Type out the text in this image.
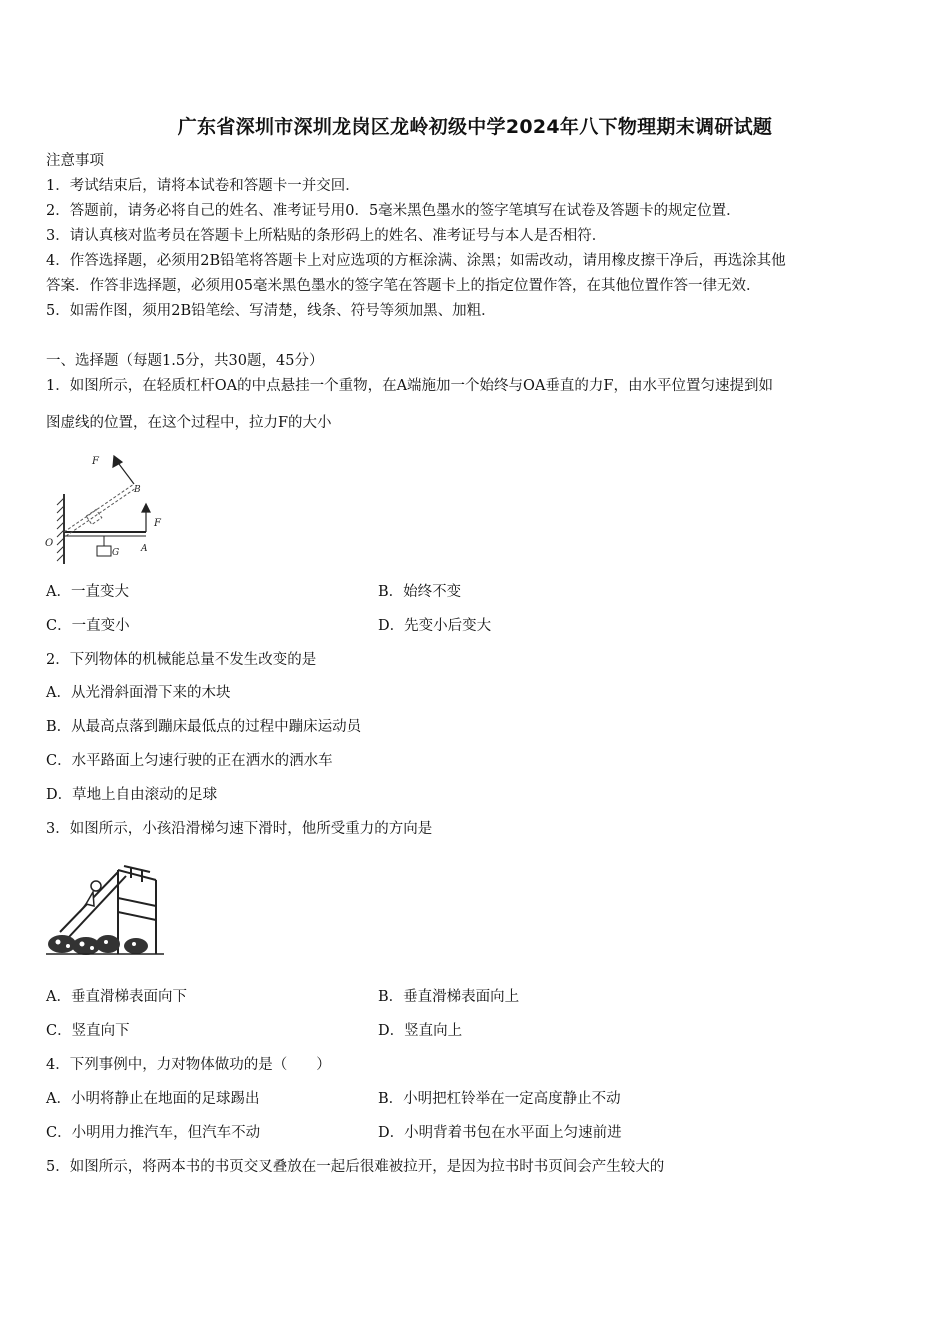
广东省深圳市深圳龙岗区龙岭初级中学2024年八下物理期末调研试题
注意事项
1．考试结束后，请将本试卷和答题卡一并交回．
2．答题前，请务必将自己的姓名、准考证号用0．5毫米黑色墨水的签字笔填写在试卷及答题卡的规定位置．
3．请认真核对监考员在答题卡上所粘贴的条形码上的姓名、准考证号与本人是否相符．
4．作答选择题，必须用2B铅笔将答题卡上对应选项的方框涂满、涂黑；如需改动，请用橡皮擦干净后，再选涂其他
答案．作答非选择题，必须用05毫米黑色墨水的签字笔在答题卡上的指定位置作答，在其他位置作答一律无效．
5．如需作图，须用2B铅笔绘、写清楚，线条、符号等须加黑、加粗．
一、选择题（每题1.5分，共30题，45分）
1．如图所示，在轻质杠杆OA的中点悬挂一个重物，在A端施加一个始终与OA垂直的力F，由水平位置匀速提到如
图虚线的位置，在这个过程中，拉力F的大小
F
B
F
O
G A
A．一直变大	B．始终不变
C．一直变小	D．先变小后变大
2．下列物体的机械能总量不发生改变的是
A．从光滑斜面滑下来的木块
B．从最高点落到蹦床最低点的过程中蹦床运动员
C．水平路面上匀速行驶的正在洒水的洒水车
D．草地上自由滚动的足球
3．如图所示，小孩沿滑梯匀速下滑时，他所受重力的方向是
A．垂直滑梯表面向下	B．垂直滑梯表面向上
C．竖直向下	D．竖直向上
4．下列事例中，力对物体做功的是（　　）
A．小明将静止在地面的足球踢出	B．小明把杠铃举在一定高度静止不动
C．小明用力推汽车，但汽车不动	D．小明背着书包在水平面上匀速前进
5．如图所示，将两本书的书页交叉叠放在一起后很难被拉开，是因为拉书时书页间会产生较大的
